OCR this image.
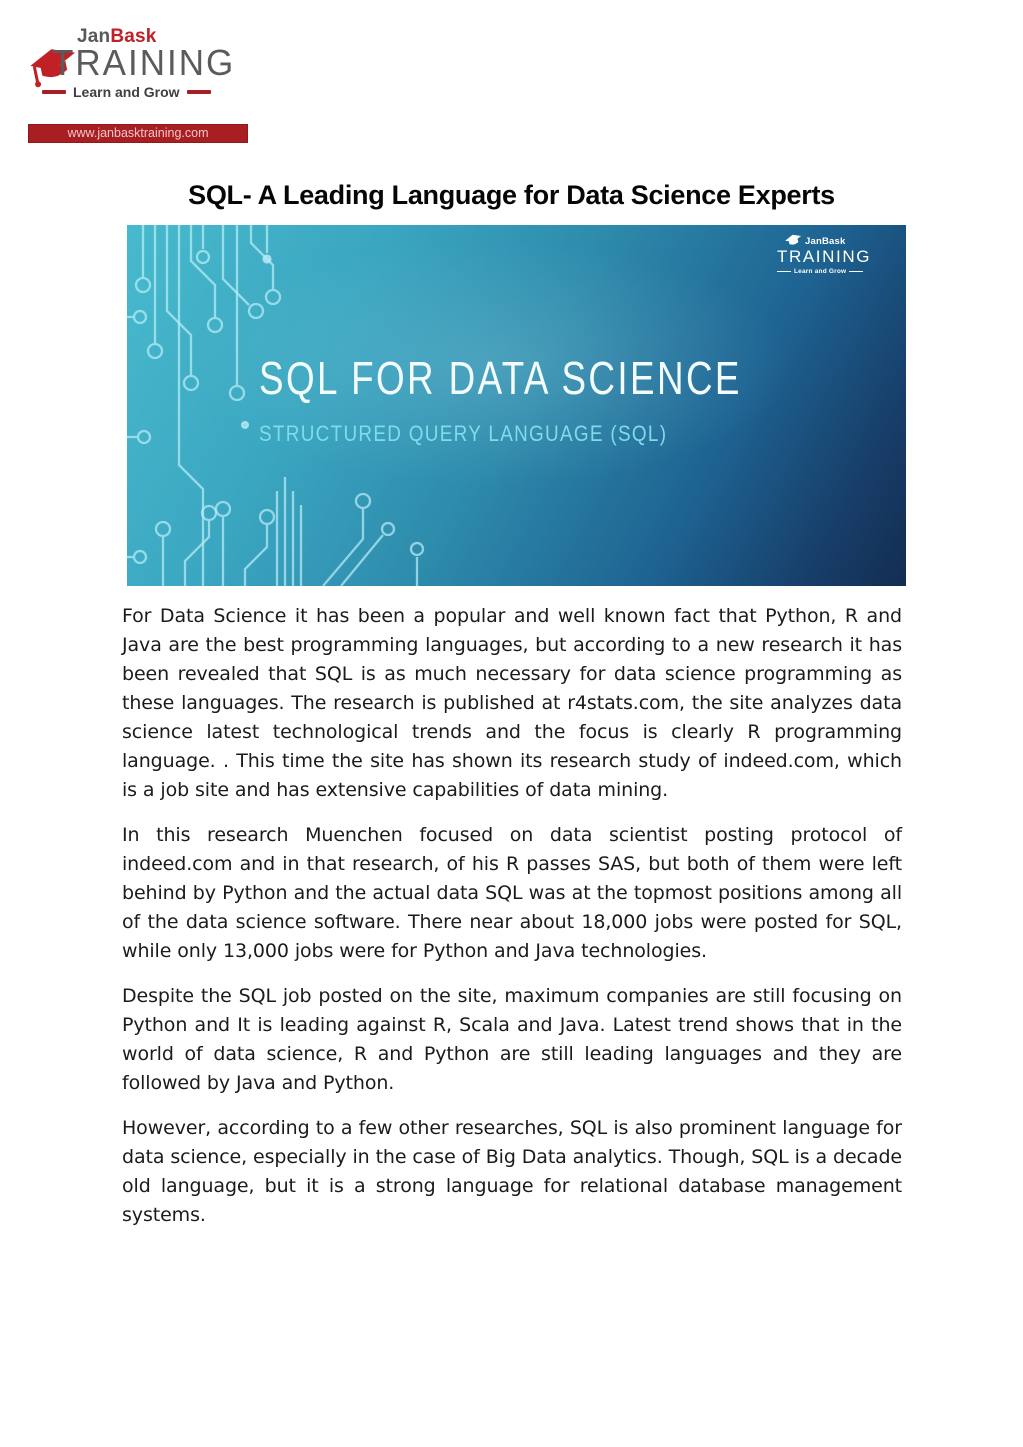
JanBask
TRAINING
Learn and Grow
www.janbasktraining.com
SQL- A Leading Language for Data Science Experts
SQL FOR DATA SCIENCE
STRUCTURED QUERY LANGUAGE (SQL)
JanBask
TRAINING
Learn and Grow

For Data Science it has been a popular and well known fact that Python, R and Java are the best programming languages, but according to a new research it has been revealed that SQL is as much necessary for data science programming as these languages. The research is published at r4stats.com, the site analyzes data science latest technological trends and the focus is clearly R programming language. . This time the site has shown its research study of indeed.com, which is a job site and has extensive capabilities of data mining.

In this research Muenchen focused on data scientist posting protocol of indeed.com and in that research, of his R passes SAS, but both of them were left behind by Python and the actual data SQL was at the topmost positions among all of the data science software. There near about 18,000 jobs were posted for SQL, while only 13,000 jobs were for Python and Java technologies.

Despite the SQL job posted on the site, maximum companies are still focusing on Python and It is leading against R, Scala and Java. Latest trend shows that in the world of data science, R and Python are still leading languages and they are followed by Java and Python.

However, according to a few other researches, SQL is also prominent language for data science, especially in the case of Big Data analytics. Though, SQL is a decade old language, but it is a strong language for relational database management systems.
